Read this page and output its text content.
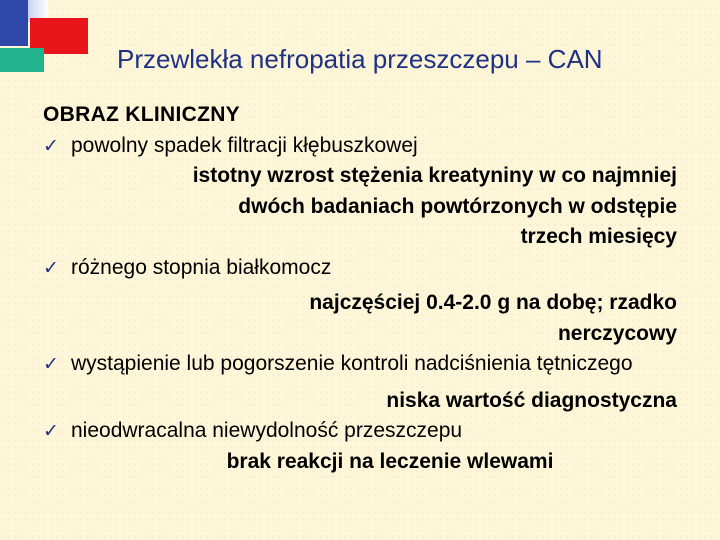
Przewlekła nefropatia przeszczepu – CAN
OBRAZ KLINICZNY
✓ powolny spadek filtracji kłębuszkowej
istotny wzrost stężenia kreatyniny w co najmniej
dwóch badaniach powtórzonych w odstępie
trzech miesięcy
✓ różnego stopnia białkomocz
najczęściej 0.4-2.0 g na dobę; rzadko
nerczycowy
✓ wystąpienie lub pogorszenie kontroli nadciśnienia tętniczego
niska wartość diagnostyczna
✓ nieodwracalna niewydolność przeszczepu
brak reakcji na leczenie wlewami
